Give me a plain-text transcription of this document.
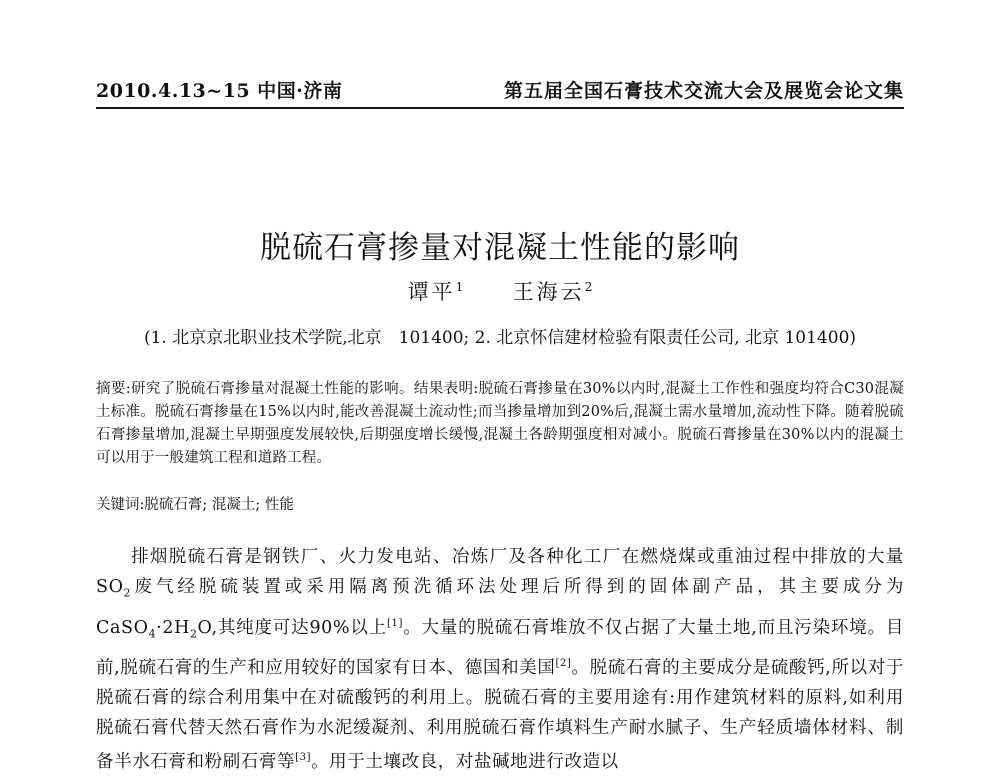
2010.4.13~15 中国·济南	第五届全国石膏技术交流大会及展览会论文集
脱硫石膏掺量对混凝土性能的影响
谭平$^1$ 王海云$^2$
(1. 北京京北职业技术学院,北京　101400; 2. 北京怀信建材检验有限责任公司, 北京 101400)
摘要:研究了脱硫石膏掺量对混凝土性能的影响。结果表明:脱硫石膏掺量在30%以内时,混凝土工作性和强度均符合C30混凝土标准。脱硫石膏掺量在15%以内时,能改善混凝土流动性;而当掺量增加到20%后,混凝土需水量增加,流动性下降。随着脱硫石膏掺量增加,混凝土早期强度发展较快,后期强度增长缓慢,混凝土各龄期强度相对减小。脱硫石膏掺量在30%以内的混凝土可以用于一般建筑工程和道路工程。
关键词:脱硫石膏; 混凝土; 性能

排烟脱硫石膏是钢铁厂、火力发电站、冶炼厂及各种化工厂在燃烧煤或重油过程中排放的大量$SO_2$废气经脱硫装置或采用隔离预洗循环法处理后所得到的固体副产品，其主要成分为$CaSO_4\cdot 2H_2O$,其纯度可达90%以上[1]。大量的脱硫石膏堆放不仅占据了大量土地,而且污染环境。目前,脱硫石膏的生产和应用较好的国家有日本、德国和美国[2]。脱硫石膏的主要成分是硫酸钙,所以对于脱硫石膏的综合利用集中在对硫酸钙的利用上。脱硫石膏的主要用途有:用作建筑材料的原料,如利用脱硫石膏代替天然石膏作为水泥缓凝剂、利用脱硫石膏作填料生产耐水腻子、生产轻质墙体材料、制备半水石膏和粉刷石膏等[3]。用于土壤改良，对盐碱地进行改造以
